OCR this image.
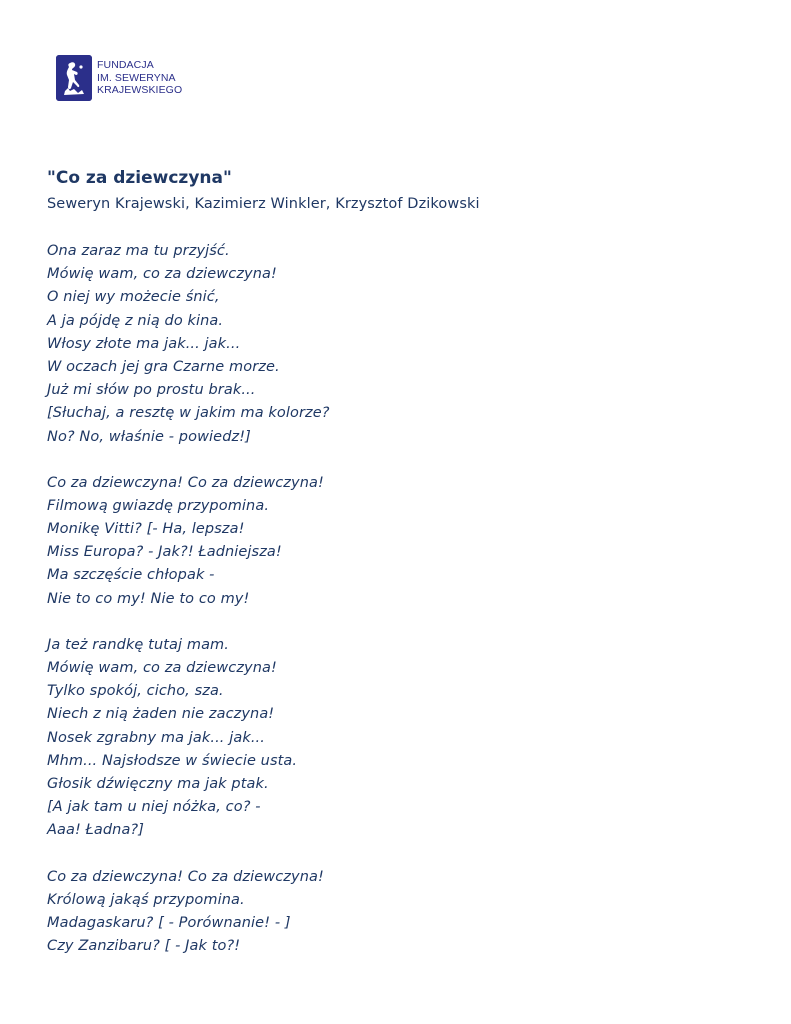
FUNDACJA
IM. SEWERYNA
KRAJEWSKIEGO
"Co za dziewczyna"
Seweryn Krajewski, Kazimierz Winkler, Krzysztof Dzikowski
Ona zaraz ma tu przyjść.
Mówię wam, co za dziewczyna!
O niej wy możecie śnić,
A ja pójdę z nią do kina.
Włosy złote ma jak... jak...
W oczach jej gra Czarne morze.
Już mi słów po prostu brak...
[Słuchaj, a resztę w jakim ma kolorze?
No? No, właśnie - powiedz!]
Co za dziewczyna! Co za dziewczyna!
Filmową gwiazdę przypomina.
Monikę Vitti? [- Ha, lepsza!
Miss Europa? - Jak?! Ładniejsza!
Ma szczęście chłopak -
Nie to co my! Nie to co my!
Ja też randkę tutaj mam.
Mówię wam, co za dziewczyna!
Tylko spokój, cicho, sza.
Niech z nią żaden nie zaczyna!
Nosek zgrabny ma jak... jak...
Mhm... Najsłodsze w świecie usta.
Głosik dźwięczny ma jak ptak.
[A jak tam u niej nóżka, co? -
Aaa! Ładna?]
Co za dziewczyna! Co za dziewczyna!
Królową jakąś przypomina.
Madagaskaru? [ - Porównanie! - ]
Czy Zanzibaru? [ - Jak to?!
